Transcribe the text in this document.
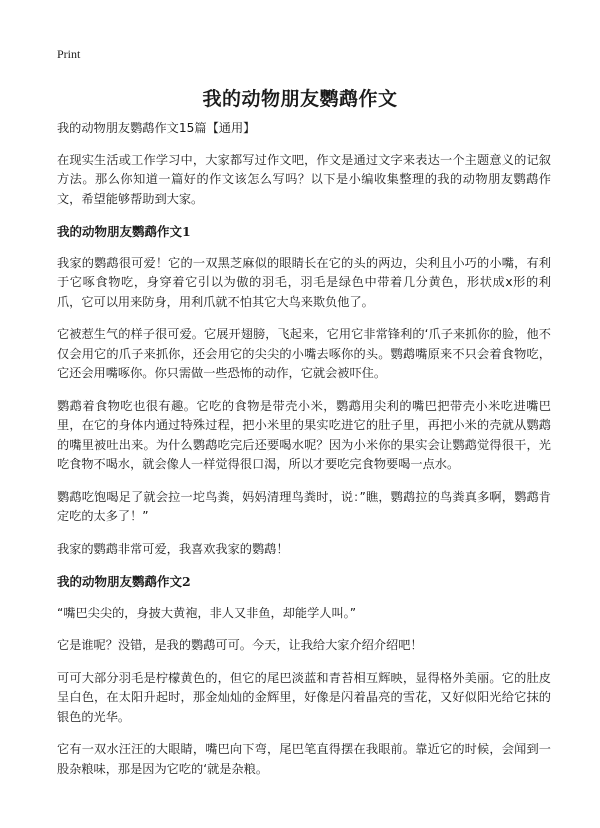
Print
我的动物朋友鹦鹉作文
我的动物朋友鹦鹉作文15篇【通用】

在现实生活或工作学习中，大家都写过作文吧，作文是通过文字来表达一个主题意义的记叙方法。那么你知道一篇好的作文该怎么写吗？以下是小编收集整理的我的动物朋友鹦鹉作文，希望能够帮助到大家。

我的动物朋友鹦鹉作文1

我家的鹦鹉很可爱！它的一双黑芝麻似的眼睛长在它的头的两边，尖利且小巧的小嘴，有利于它啄食物吃，身穿着它引以为傲的羽毛，羽毛是绿色中带着几分黄色，形状成x形的利爪，它可以用来防身，用利爪就不怕其它大鸟来欺负他了。

它被惹生气的样子很可爱。它展开翅膀，飞起来，它用它非常锋利的‘爪子来抓你的脸，他不仅会用它的爪子来抓你，还会用它的尖尖的小嘴去啄你的头。鹦鹉嘴原来不只会着食物吃，它还会用嘴啄你。你只需做一些恐怖的动作，它就会被吓住。

鹦鹉着食物吃也很有趣。它吃的食物是带壳小米，鹦鹉用尖利的嘴巴把带壳小米吃进嘴巴里，在它的身体内通过特殊过程，把小米里的果实吃进它的肚子里，再把小米的壳就从鹦鹉的嘴里被吐出来。为什么鹦鹉吃完后还要喝水呢？因为小米你的果实会让鹦鹉觉得很干，光吃食物不喝水，就会像人一样觉得很口渴，所以才要吃完食物要喝一点水。

鹦鹉吃饱喝足了就会拉一坨鸟粪，妈妈清理鸟粪时，说：”瞧，鹦鹉拉的鸟粪真多啊，鹦鹉肯定吃的太多了！”

我家的鹦鹉非常可爱，我喜欢我家的鹦鹉！

我的动物朋友鹦鹉作文2

“嘴巴尖尖的，身披大黄袍，非人又非鱼，却能学人叫。”

它是谁呢？没错，是我的鹦鹉可可。今天，让我给大家介绍介绍吧！

可可大部分羽毛是柠檬黄色的，但它的尾巴淡蓝和青苔相互辉映，显得格外美丽。它的肚皮呈白色，在太阳升起时，那金灿灿的金辉里，好像是闪着晶亮的雪花，又好似阳光给它抹的银色的光华。

它有一双水汪汪的大眼睛，嘴巴向下弯，尾巴笔直得摆在我眼前。靠近它的时候，会闻到一股杂粮味，那是因为它吃的‘就是杂粮。
